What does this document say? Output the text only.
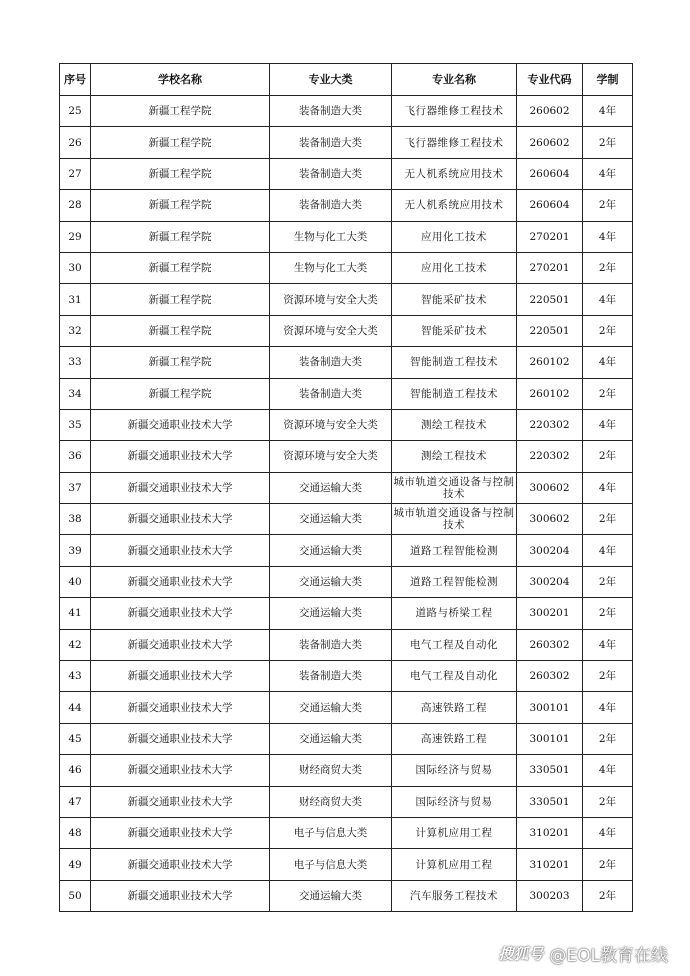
序号	学校名称	专业大类	专业名称	专业代码	学制
25	新疆工程学院	装备制造大类	飞行器维修工程技术	260602	4年
26	新疆工程学院	装备制造大类	飞行器维修工程技术	260602	2年
27	新疆工程学院	装备制造大类	无人机系统应用技术	260604	4年
28	新疆工程学院	装备制造大类	无人机系统应用技术	260604	2年
29	新疆工程学院	生物与化工大类	应用化工技术	270201	4年
30	新疆工程学院	生物与化工大类	应用化工技术	270201	2年
31	新疆工程学院	资源环境与安全大类	智能采矿技术	220501	4年
32	新疆工程学院	资源环境与安全大类	智能采矿技术	220501	2年
33	新疆工程学院	装备制造大类	智能制造工程技术	260102	4年
34	新疆工程学院	装备制造大类	智能制造工程技术	260102	2年
35	新疆交通职业技术大学	资源环境与安全大类	测绘工程技术	220302	4年
36	新疆交通职业技术大学	资源环境与安全大类	测绘工程技术	220302	2年
37	新疆交通职业技术大学	交通运输大类	城市轨道交通设备与控制技术	300602	4年
38	新疆交通职业技术大学	交通运输大类	城市轨道交通设备与控制技术	300602	2年
39	新疆交通职业技术大学	交通运输大类	道路工程智能检测	300204	4年
40	新疆交通职业技术大学	交通运输大类	道路工程智能检测	300204	2年
41	新疆交通职业技术大学	交通运输大类	道路与桥梁工程	300201	2年
42	新疆交通职业技术大学	装备制造大类	电气工程及自动化	260302	4年
43	新疆交通职业技术大学	装备制造大类	电气工程及自动化	260302	2年
44	新疆交通职业技术大学	交通运输大类	高速铁路工程	300101	4年
45	新疆交通职业技术大学	交通运输大类	高速铁路工程	300101	2年
46	新疆交通职业技术大学	财经商贸大类	国际经济与贸易	330501	4年
47	新疆交通职业技术大学	财经商贸大类	国际经济与贸易	330501	2年
48	新疆交通职业技术大学	电子与信息大类	计算机应用工程	310201	4年
49	新疆交通职业技术大学	电子与信息大类	计算机应用工程	310201	2年
50	新疆交通职业技术大学	交通运输大类	汽车服务工程技术	300203	2年
搜狐号 @EOL教育在线
